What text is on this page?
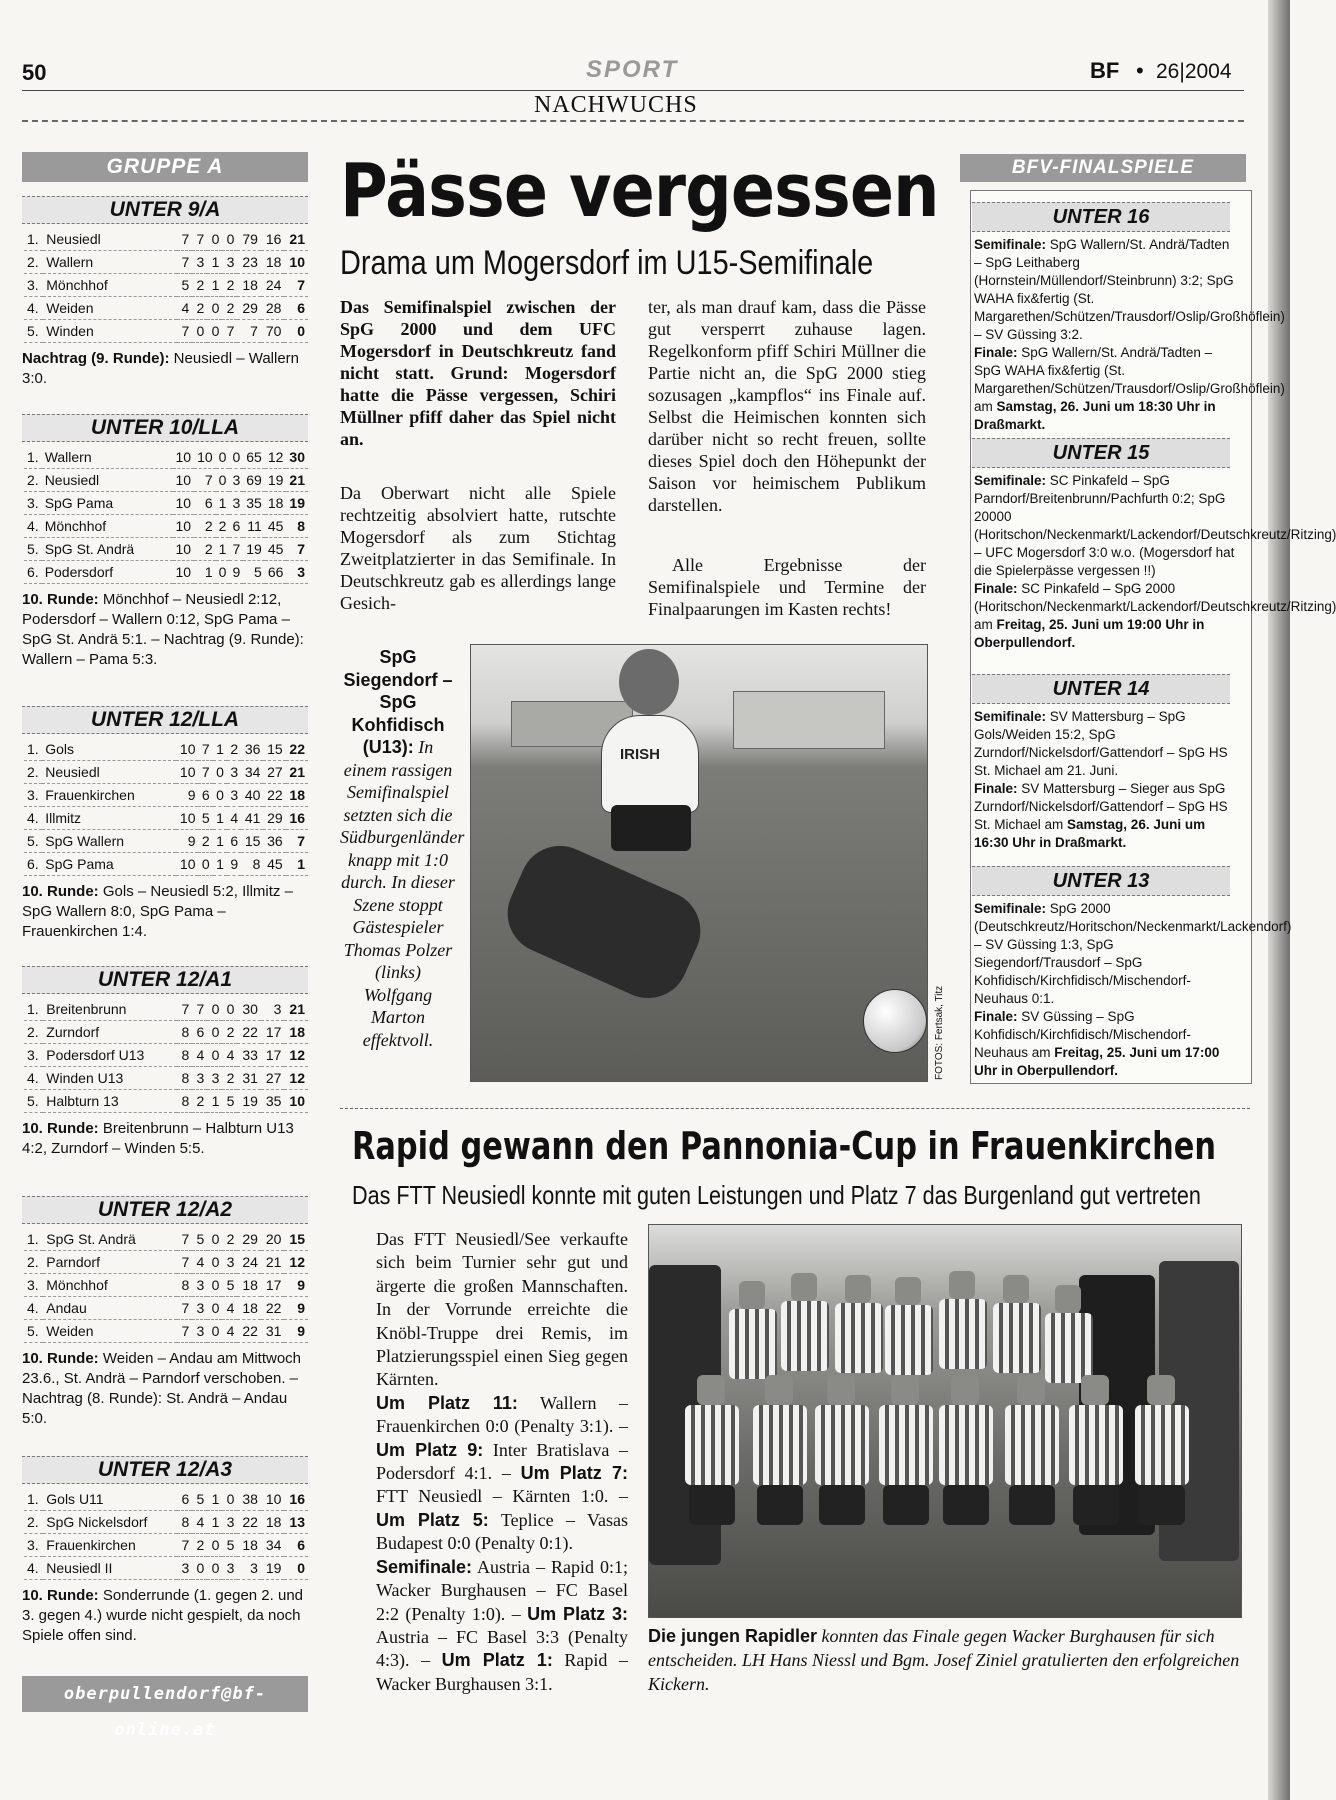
50	SPORT	BF • 26|2004
NACHWUCHS
GRUPPE A
UNTER 9/A
1.	Neusiedl	7	7	0	0	79	16	21
2.	Wallern	7	3	1	3	23	18	10
3.	Mönchhof	5	2	1	2	18	24	7
4.	Weiden	4	2	0	2	29	28	6
5.	Winden	7	0	0	7	7	70	0
Nachtrag (9. Runde): Neusiedl – Wallern 3:0.
UNTER 10/LLA
1.	Wallern	10	10	0	0	65	12	30
2.	Neusiedl	10	7	0	3	69	19	21
3.	SpG Pama	10	6	1	3	35	18	19
4.	Mönchhof	10	2	2	6	11	45	8
5.	SpG St. Andrä	10	2	1	7	19	45	7
6.	Podersdorf	10	1	0	9	5	66	3
10. Runde: Mönchhof – Neusiedl 2:12, Podersdorf – Wallern 0:12, SpG Pama – SpG St. Andrä 5:1. – Nachtrag (9. Runde): Wallern – Pama 5:3.
UNTER 12/LLA
1.	Gols	10	7	1	2	36	15	22
2.	Neusiedl	10	7	0	3	34	27	21
3.	Frauenkirchen	9	6	0	3	40	22	18
4.	Illmitz	10	5	1	4	41	29	16
5.	SpG Wallern	9	2	1	6	15	36	7
6.	SpG Pama	10	0	1	9	8	45	1
10. Runde: Gols – Neusiedl 5:2, Illmitz – SpG Wallern 8:0, SpG Pama – Frauenkirchen 1:4.
UNTER 12/A1
1.	Breitenbrunn	7	7	0	0	30	3	21
2.	Zurndorf	8	6	0	2	22	17	18
3.	Podersdorf U13	8	4	0	4	33	17	12
4.	Winden U13	8	3	3	2	31	27	12
5.	Halbturn 13	8	2	1	5	19	35	10
10. Runde: Breitenbrunn – Halbturn U13 4:2, Zurndorf – Winden 5:5.
UNTER 12/A2
1.	SpG St. Andrä	7	5	0	2	29	20	15
2.	Parndorf	7	4	0	3	24	21	12
3.	Mönchhof	8	3	0	5	18	17	9
4.	Andau	7	3	0	4	18	22	9
5.	Weiden	7	3	0	4	22	31	9
10. Runde: Weiden – Andau am Mittwoch 23.6., St. Andrä – Parndorf verschoben. – Nachtrag (8. Runde): St. Andrä – Andau 5:0.
UNTER 12/A3
1.	Gols U11	6	5	1	0	38	10	16
2.	SpG Nickelsdorf	8	4	1	3	22	18	13
3.	Frauenkirchen	7	2	0	5	18	34	6
4.	Neusiedl II	3	0	0	3	3	19	0
10. Runde: Sonderrunde (1. gegen 2. und 3. gegen 4.) wurde nicht gespielt, da noch Spiele offen sind.
oberpullendorf@bf-online.at
Pässe vergessen
Drama um Mogersdorf im U15-Semifinale
Das Semifinalspiel zwischen der SpG 2000 und dem UFC Mogersdorf in Deutschkreutz fand nicht statt. Grund: Mogersdorf hatte die Pässe vergessen, Schiri Müllner pfiff daher das Spiel nicht an.
Da Oberwart nicht alle Spiele rechtzeitig absolviert hatte, rutschte Mogersdorf als zum Stichtag Zweitplatzierter in das Semifinale. In Deutschkreutz gab es allerdings lange Gesich-
ter, als man drauf kam, dass die Pässe gut versperrt zuhause lagen. Regelkonform pfiff Schiri Müllner die Partie nicht an, die SpG 2000 stieg sozusagen „kampflos“ ins Finale auf. Selbst die Heimischen konnten sich darüber nicht so recht freuen, sollte dieses Spiel doch den Höhepunkt der Saison vor heimischem Publikum darstellen.
Alle Ergebnisse der Semifinalspiele und Termine der Finalpaarungen im Kasten rechts!
SpG Siegendorf – SpG Kohfidisch (U13): In einem rassigen Semifinalspiel setzten sich die Südburgenländer knapp mit 1:0 durch. In dieser Szene stoppt Gästespieler Thomas Polzer (links) Wolfgang Marton effektvoll.
IRISH
FOTOS: Fertsak, Titz
BFV-FINALSPIELE
UNTER 16
Semifinale: SpG Wallern/St. Andrä/Tadten – SpG Leithaberg (Hornstein/Müllendorf/Steinbrunn) 3:2; SpG WAHA fix&fertig (St. Margarethen/Schützen/Trausdorf/Oslip/Großhöflein) – SV Güssing 3:2.
Finale: SpG Wallern/St. Andrä/Tadten – SpG WAHA fix&fertig (St. Margarethen/Schützen/Trausdorf/Oslip/Großhöflein) am Samstag, 26. Juni um 18:30 Uhr in Draßmarkt.
UNTER 15
Semifinale: SC Pinkafeld – SpG Parndorf/Breitenbrunn/Pachfurth 0:2; SpG 20000 (Horitschon/Neckenmarkt/Lackendorf/Deutschkreutz/Ritzing) – UFC Mogersdorf 3:0 w.o. (Mogersdorf hat die Spielerpässe vergessen !!)
Finale: SC Pinkafeld – SpG 2000 (Horitschon/Neckenmarkt/Lackendorf/Deutschkreutz/Ritzing) am Freitag, 25. Juni um 19:00 Uhr in Oberpullendorf.
UNTER 14
Semifinale: SV Mattersburg – SpG Gols/Weiden 15:2, SpG Zurndorf/Nickelsdorf/Gattendorf – SpG HS St. Michael am 21. Juni.
Finale: SV Mattersburg – Sieger aus SpG Zurndorf/Nickelsdorf/Gattendorf – SpG HS St. Michael am Samstag, 26. Juni um 16:30 Uhr in Draßmarkt.
UNTER 13
Semifinale: SpG 2000 (Deutschkreutz/Horitschon/Neckenmarkt/Lackendorf) – SV Güssing 1:3, SpG Siegendorf/Trausdorf – SpG Kohfidisch/Kirchfidisch/Mischendorf-Neuhaus 0:1.
Finale: SV Güssing – SpG Kohfidisch/Kirchfidisch/Mischendorf-Neuhaus am Freitag, 25. Juni um 17:00 Uhr in Oberpullendorf.
Rapid gewann den Pannonia-Cup in Frauenkirchen
Das FTT Neusiedl konnte mit guten Leistungen und Platz 7 das Burgenland gut vertreten
Das FTT Neusiedl/See verkaufte sich beim Turnier sehr gut und ärgerte die großen Mannschaften. In der Vorrunde erreichte die Knöbl-Truppe drei Remis, im Platzierungsspiel einen Sieg gegen Kärnten.
Um Platz 11: Wallern – Frauenkirchen 0:0 (Penalty 3:1). – Um Platz 9: Inter Bratislava – Podersdorf 4:1. – Um Platz 7: FTT Neusiedl – Kärnten 1:0. – Um Platz 5: Teplice – Vasas Budapest 0:0 (Penalty 0:1).
Semifinale: Austria – Rapid 0:1; Wacker Burghausen – FC Basel 2:2 (Penalty 1:0). – Um Platz 3: Austria – FC Basel 3:3 (Penalty 4:3). – Um Platz 1: Rapid – Wacker Burghausen 3:1.
Die jungen Rapidler konnten das Finale gegen Wacker Burghausen für sich entscheiden. LH Hans Niessl und Bgm. Josef Ziniel gratulierten den erfolgreichen Kickern.
